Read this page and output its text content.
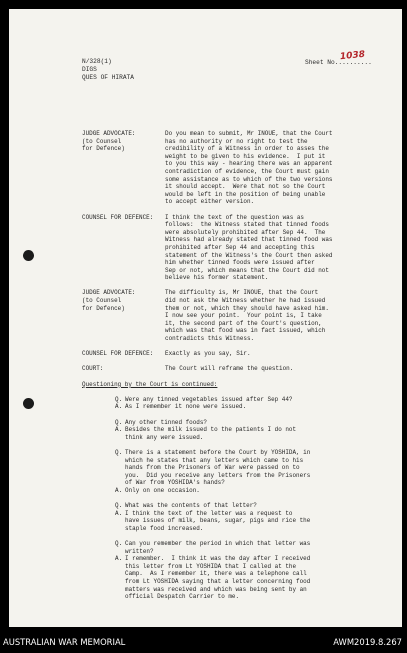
N/328(1)
DIGS
QUES OF HIRATA
Sheet No..........
1038
JUDGE ADVOCATE:
(to Counsel
for Defence)
Do you mean to submit, Mr INOUE, that the Court
has no authority or no right to test the
credibility of a Witness in order to asses the
weight to be given to his evidence.  I put it
to you this way - hearing there was an apparent
contradiction of evidence, the Court must gain
some assistance as to which of the two versions
it should accept.  Were that not so the Court
would be left in the position of being unable
to accept either version.
COUNSEL FOR DEFENCE:	I think the text of the question was as
follows:  the Witness stated that tinned foods
were absolutely prohibited after Sep 44.  The
Witness had already stated that tinned food was
prohibited after Sep 44 and accepting this
statement of the Witness's the Court then asked
him whether tinned foods were issued after
Sep or not, which means that the Court did not
believe his former statement.
JUDGE ADVOCATE:
(to Counsel
for Defence)
The difficulty is, Mr INOUE, that the Court
did not ask the Witness whether he had issued
them or not, which they should have asked him.
I now see your point.  Your point is, I take
it, the second part of the Court's question,
which was that food was in fact issued, which
contradicts this Witness.
COUNSEL FOR DEFENCE:	Exactly as you say, Sir.
COURT:	The Court will reframe the question.
Questioning by the Court is continued:
Q. Were any tinned vegetables issued after Sep 44?
A. As I remember it none were issued.
Q. Any other tinned foods?
A. Besides the milk issued to the patients I do not
think any were issued.
Q. There is a statement before the Court by YOSHIDA, in
which he states that any letters which came to his
hands from the Prisoners of War were passed on to
you.  Did you receive any letters from the Prisoners
of War from YOSHIDA's hands?
A. Only on one occasion.
Q. What was the contents of that letter?
A. I think the text of the letter was a request to
have issues of milk, beans, sugar, pigs and rice the
staple food increased.
Q. Can you remember the period in which that letter was
written?
A. I remember.  I think it was the day after I received
this letter from Lt YOSHIDA that I called at the
Camp.  As I remember it, there was a telephone call
from Lt YOSHIDA saying that a letter concerning food
matters was received and which was being sent by an
official Despatch Carrier to me.
AUSTRALIAN WAR MEMORIAL	AWM2019.8.267
